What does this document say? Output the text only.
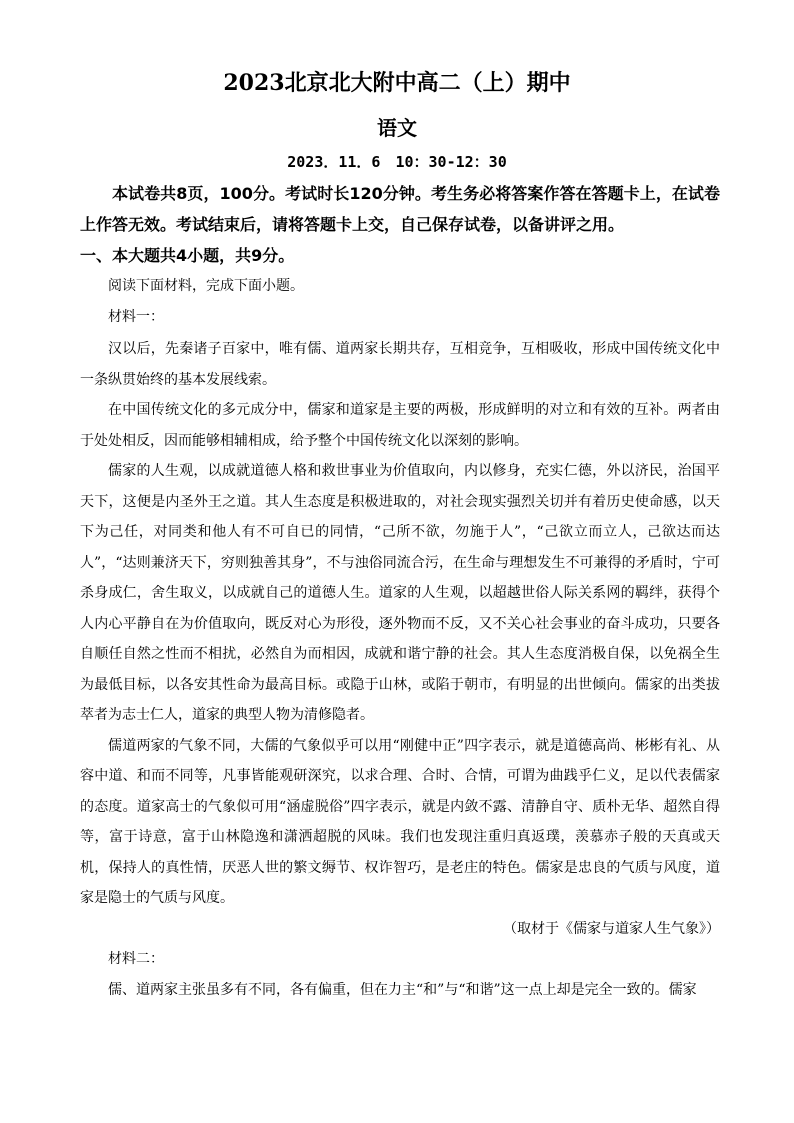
2023北京北大附中高二（上）期中
语文
2023．11．6　10：30-12：30

本试卷共8页，100分。考试时长120分钟。考生务必将答案作答在答题卡上，在试卷上作答无效。考试结束后，请将答题卡上交，自己保存试卷，以备讲评之用。

一、本大题共4小题，共9分。

阅读下面材料，完成下面小题。

材料一：

汉以后，先秦诸子百家中，唯有儒、道两家长期共存，互相竞争，互相吸收，形成中国传统文化中一条纵贯始终的基本发展线索。

在中国传统文化的多元成分中，儒家和道家是主要的两极，形成鲜明的对立和有效的互补。两者由于处处相反，因而能够相辅相成，给予整个中国传统文化以深刻的影响。

儒家的人生观，以成就道德人格和救世事业为价值取向，内以修身，充实仁德，外以济民，治国平天下，这便是内圣外王之道。其人生态度是积极进取的，对社会现实强烈关切并有着历史使命感，以天下为己任，对同类和他人有不可自已的同情，“己所不欲，勿施于人”，“己欲立而立人，己欲达而达人”，“达则兼济天下，穷则独善其身”，不与浊俗同流合污，在生命与理想发生不可兼得的矛盾时，宁可杀身成仁，舍生取义，以成就自己的道德人生。道家的人生观，以超越世俗人际关系网的羁绊，获得个人内心平静自在为价值取向，既反对心为形役，逐外物而不反，又不关心社会事业的奋斗成功，只要各自顺任自然之性而不相扰，必然自为而相因，成就和谐宁静的社会。其人生态度消极自保，以免祸全生为最低目标，以各安其性命为最高目标。或隐于山林，或陷于朝市，有明显的出世倾向。儒家的出类拔萃者为志士仁人，道家的典型人物为清修隐者。

儒道两家的气象不同，大儒的气象似乎可以用“刚健中正”四字表示，就是道德高尚、彬彬有礼、从容中道、和而不同等，凡事皆能观研深究，以求合理、合时、合情，可谓为曲践乎仁义，足以代表儒家的态度。道家高士的气象似可用“涵虚脱俗”四字表示，就是内敛不露、清静自守、质朴无华、超然自得等，富于诗意，富于山林隐逸和潇洒超脱的风味。我们也发现注重归真返璞，羡慕赤子般的天真或天机，保持人的真性情，厌恶人世的繁文缛节、权诈智巧，是老庄的特色。儒家是忠良的气质与风度，道家是隐士的气质与风度。

（取材于《儒家与道家人生气象》）

材料二：

儒、道两家主张虽多有不同，各有偏重，但在力主“和”与“和谐”这一点上却是完全一致的。儒家
